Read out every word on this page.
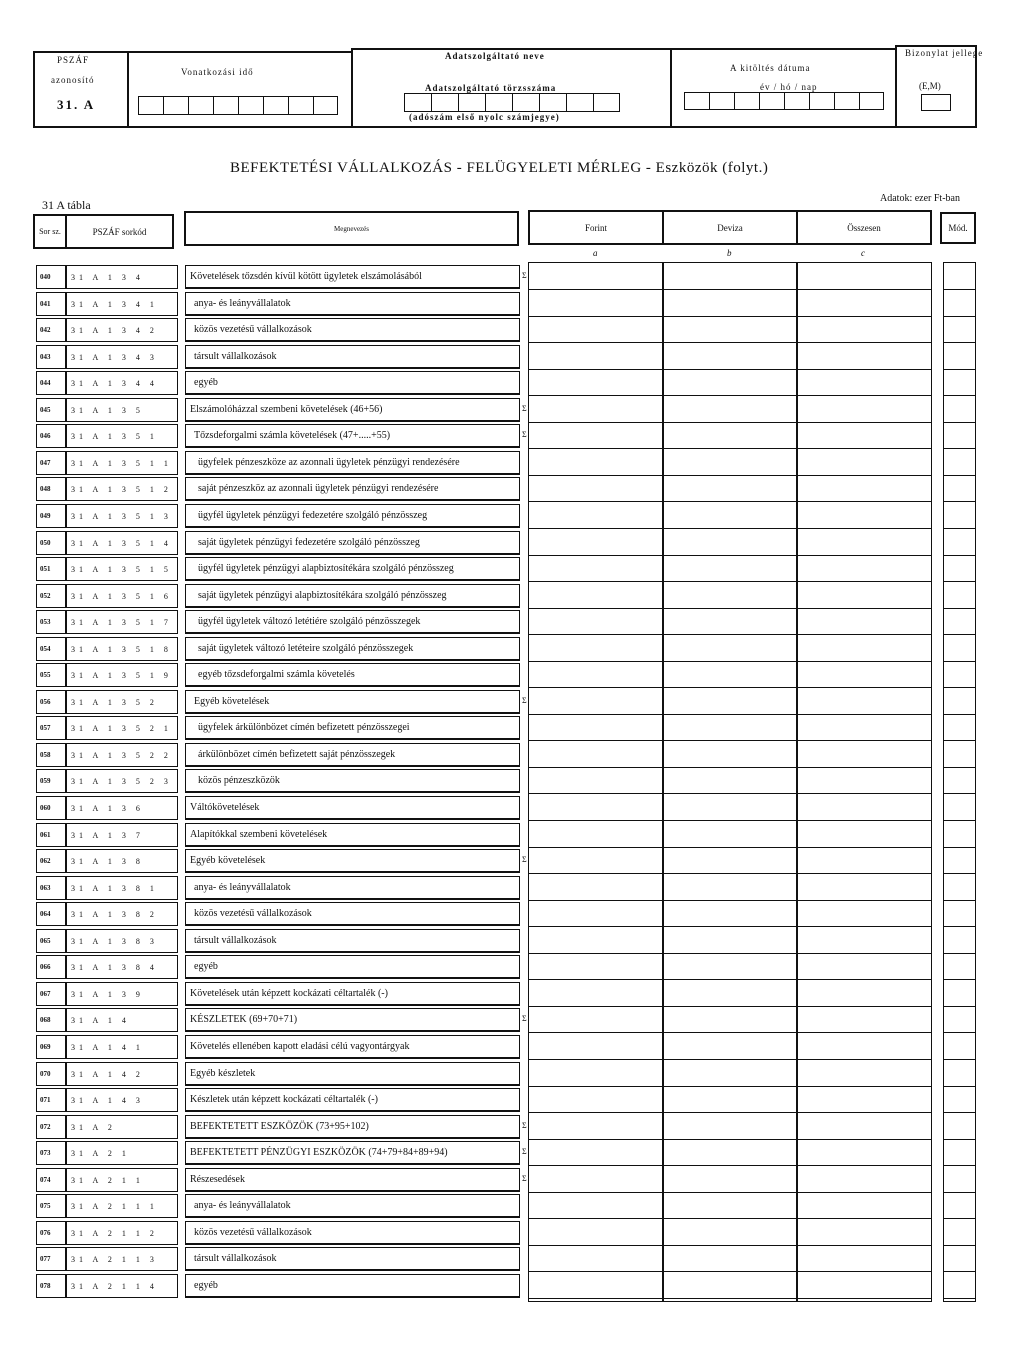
PSZÁF
azonosító
31. A
Vonatkozási idő
Adatszolgáltató neve
Adatszolgáltató törzsszáma
(adószám első nyolc számjegye)
A kitöltés dátuma
év / hó / nap
Bizonylat jellege
(E,M)
BEFEKTETÉSI VÁLLALKOZÁS - FELÜGYELETI MÉRLEG - Eszközök (folyt.)
31 A tábla	Adatok: ezer Ft-ban
Sor sz.	PSZÁF sorkód	Megnevezés	Forint	Deviza	Összesen	Mód.
a	b	c
040	31 A 1 3 4	Követelések tőzsdén kívül kötött ügyletek elszámolásából	Σ
041	31 A 1 3 4 1	anya- és leányvállalatok
042	31 A 1 3 4 2	közös vezetésű vállalkozások
043	31 A 1 3 4 3	társult vállalkozások
044	31 A 1 3 4 4	egyéb
045	31 A 1 3 5	Elszámolóházzal szembeni követelések (46+56)	Σ
046	31 A 1 3 5 1	Tőzsdeforgalmi számla követelések (47+.....+55)	Σ
047	31 A 1 3 5 1 1	ügyfelek pénzeszköze az azonnali ügyletek pénzügyi rendezésére
048	31 A 1 3 5 1 2	saját pénzeszköz az azonnali ügyletek pénzügyi rendezésére
049	31 A 1 3 5 1 3	ügyfél ügyletek pénzügyi fedezetére szolgáló pénzösszeg
050	31 A 1 3 5 1 4	saját ügyletek pénzügyi fedezetére szolgáló pénzösszeg
051	31 A 1 3 5 1 5	ügyfél ügyletek pénzügyi alapbiztosítékára szolgáló pénzösszeg
052	31 A 1 3 5 1 6	saját ügyletek pénzügyi alapbiztosítékára szolgáló pénzösszeg
053	31 A 1 3 5 1 7	ügyfél ügyletek változó letétiére szolgáló pénzösszegek
054	31 A 1 3 5 1 8	saját ügyletek változó letéteire szolgáló pénzösszegek
055	31 A 1 3 5 1 9	egyéb tőzsdeforgalmi számla követelés
056	31 A 1 3 5 2	Egyéb követelések	Σ
057	31 A 1 3 5 2 1	ügyfelek árkülönbözet címén befizetett pénzösszegei
058	31 A 1 3 5 2 2	árkülönbözet címén befizetett saját pénzösszegek
059	31 A 1 3 5 2 3	közös pénzeszközök
060	31 A 1 3 6	Váltókövetelések
061	31 A 1 3 7	Alapítókkal szembeni követelések
062	31 A 1 3 8	Egyéb követelések	Σ
063	31 A 1 3 8 1	anya- és leányvállalatok
064	31 A 1 3 8 2	közös vezetésű vállalkozások
065	31 A 1 3 8 3	társult vállalkozások
066	31 A 1 3 8 4	egyéb
067	31 A 1 3 9	Követelések után képzett kockázati céltartalék (-)
068	31 A 1 4	KÉSZLETEK (69+70+71)	Σ
069	31 A 1 4 1	Követelés ellenében kapott eladási célú vagyontárgyak
070	31 A 1 4 2	Egyéb készletek
071	31 A 1 4 3	Készletek után képzett kockázati céltartalék (-)
072	31 A 2	BEFEKTETETT ESZKÖZÖK (73+95+102)	Σ
073	31 A 2 1	BEFEKTETETT PÉNZÜGYI ESZKÖZÖK (74+79+84+89+94)	Σ
074	31 A 2 1 1	Részesedések	Σ
075	31 A 2 1 1 1	anya- és leányvállalatok
076	31 A 2 1 1 2	közös vezetésű vállalkozások
077	31 A 2 1 1 3	társult vállalkozások
078	31 A 2 1 1 4	egyéb
